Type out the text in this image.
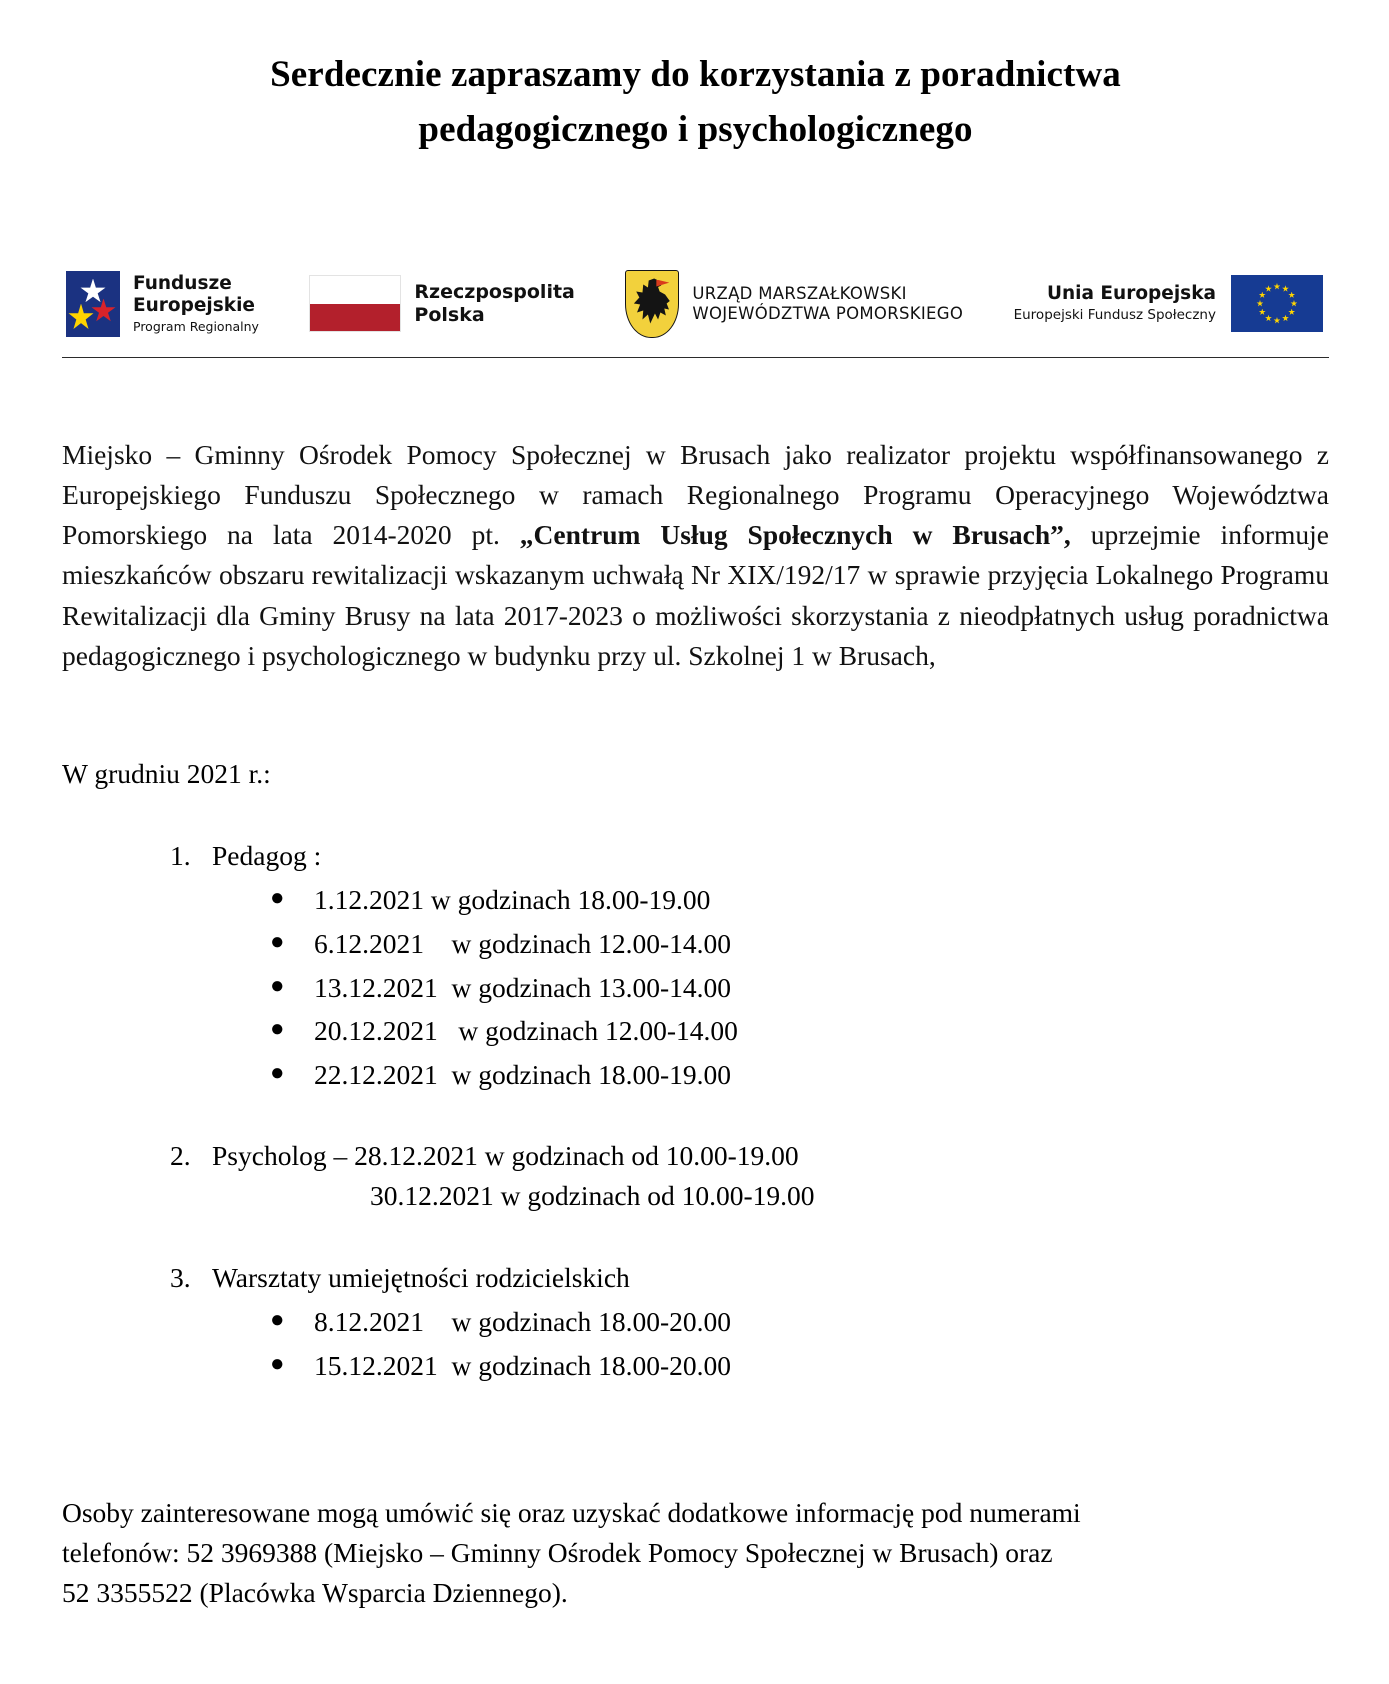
Serdecznie zapraszamy do korzystania z poradnictwa
pedagogicznego i psychologicznego
Fundusze
Europejskie
Program Regionalny
Rzeczpospolita
Polska
URZĄD MARSZAŁKOWSKI
WOJEWÓDZTWA POMORSKIEGO
Unia Europejska
Europejski Fundusz Społeczny

Miejsko – Gminny Ośrodek Pomocy Społecznej w Brusach jako realizator projektu współfinansowanego z Europejskiego Funduszu Społecznego w ramach Regionalnego Programu Operacyjnego Województwa Pomorskiego na lata 2014-2020 pt. „Centrum Usług Społecznych w Brusach”, uprzejmie informuje mieszkańców obszaru rewitalizacji wskazanym uchwałą Nr XIX/192/17 w sprawie przyjęcia Lokalnego Programu Rewitalizacji dla Gminy Brusy na lata 2017-2023 o możliwości skorzystania z nieodpłatnych usług poradnictwa pedagogicznego i psychologicznego w budynku przy ul. Szkolnej 1 w Brusach,

W grudniu 2021 r.:

1. Pedagog :
● 1.12.2021 w godzinach 18.00-19.00
● 6.12.2021    w godzinach 12.00-14.00
● 13.12.2021  w godzinach 13.00-14.00
● 20.12.2021   w godzinach 12.00-14.00
● 22.12.2021  w godzinach 18.00-19.00
2. Psycholog – 28.12.2021 w godzinach od 10.00-19.00
30.12.2021 w godzinach od 10.00-19.00
3. Warsztaty umiejętności rodzicielskich
● 8.12.2021    w godzinach 18.00-20.00
● 15.12.2021  w godzinach 18.00-20.00

Osoby zainteresowane mogą umówić się oraz uzyskać dodatkowe informację pod numerami
telefonów: 52 3969388 (Miejsko – Gminny Ośrodek Pomocy Społecznej w Brusach) oraz
52 3355522 (Placówka Wsparcia Dziennego).
